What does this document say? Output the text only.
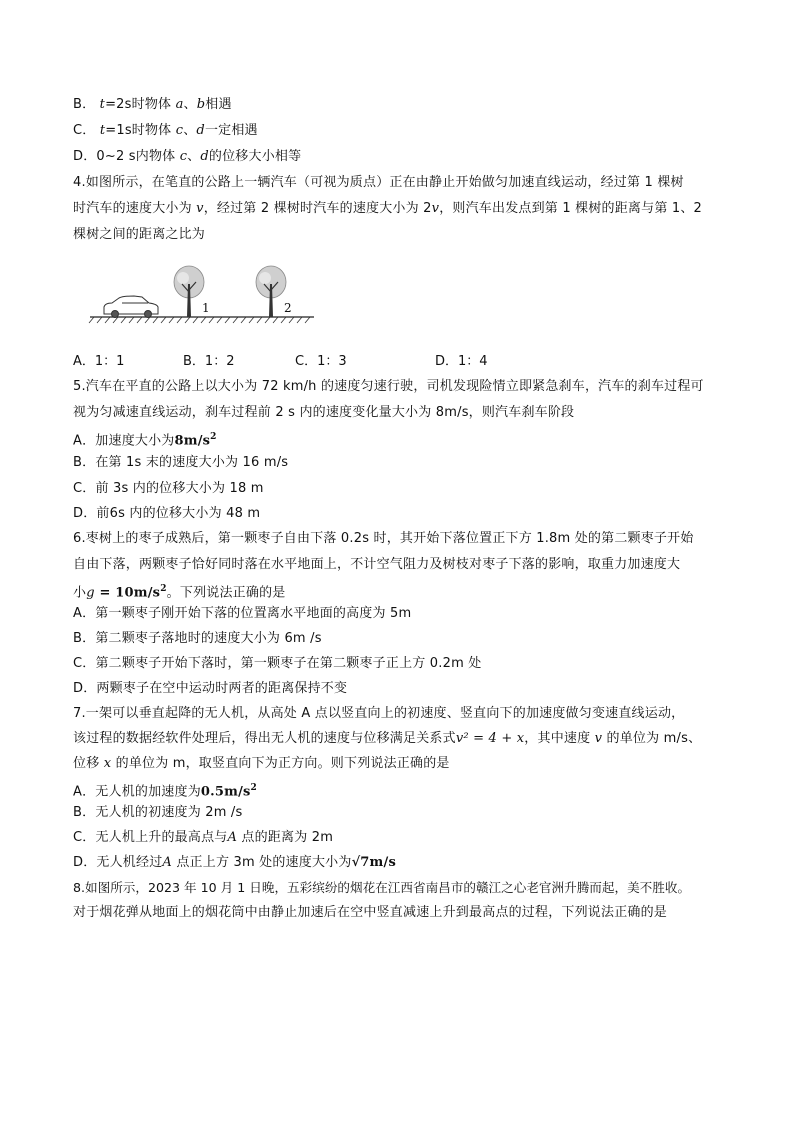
B． t=2s时物体 a、b相遇
C． t=1s时物体 c、d一定相遇
D．0~2 s内物体 c、d的位移大小相等
4.如图所示，在笔直的公路上一辆汽车（可视为质点）正在由静止开始做匀加速直线运动，经过第 1 棵树
时汽车的速度大小为 v，经过第 2 棵树时汽车的速度大小为 2v，则汽车出发点到第 1 棵树的距离与第 1、2
棵树之间的距离之比为
1	2
A．1：1	B．1：2	C．1：3	D．1：4
5.汽车在平直的公路上以大小为 72 km/h 的速度匀速行驶，司机发现险情立即紧急刹车，汽车的刹车过程可
视为匀减速直线运动，刹车过程前 2 s 内的速度变化量大小为 8m/s，则汽车刹车阶段
A．加速度大小为$8m/s^2$
B．在第 1s 末的速度大小为 16 m/s
C．前 3s 内的位移大小为 18 m
D．前6s 内的位移大小为 48 m
6.枣树上的枣子成熟后，第一颗枣子自由下落 0.2s 时，其开始下落位置正下方 1.8m 处的第二颗枣子开始
自由下落，两颗枣子恰好同时落在水平地面上，不计空气阻力及树枝对枣子下落的影响，取重力加速度大
小$g = 10m/s^2$。下列说法正确的是
A．第一颗枣子刚开始下落的位置离水平地面的高度为 5m
B．第二颗枣子落地时的速度大小为 6m /s
C．第二颗枣子开始下落时，第一颗枣子在第二颗枣子正上方 0.2m 处
D．两颗枣子在空中运动时两者的距离保持不变
7.一架可以垂直起降的无人机，从高处 A 点以竖直向上的初速度、竖直向下的加速度做匀变速直线运动，
该过程的数据经软件处理后，得出无人机的速度与位移满足关系式v² = 4 + x，其中速度 v 的单位为 m/s、
位移 x 的单位为 m，取竖直向下为正方向。则下列说法正确的是
A．无人机的加速度为$0.5m/s^2$
B．无人机的初速度为 2m /s
C．无人机上升的最高点与A 点的距离为 2m
D．无人机经过A 点正上方 3m 处的速度大小为√7m/s
8.如图所示，2023 年 10 月 1 日晚，五彩缤纷的烟花在江西省南昌市的赣江之心老官洲升腾而起，美不胜收。
对于烟花弹从地面上的烟花筒中由静止加速后在空中竖直减速上升到最高点的过程，下列说法正确的是
